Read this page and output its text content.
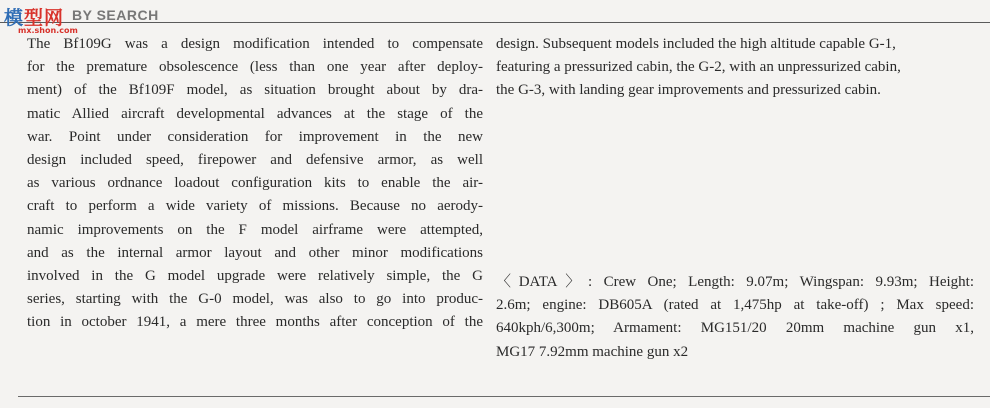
模型网 BY SEARCH
mx.shon.com
The Bf109G was a design modification intended to compensate
for the premature obsolescence (less than one year after deploy-
ment) of the Bf109F model, as situation brought about by dra-
matic Allied aircraft developmental advances at the stage of the
war. Point under consideration for improvement in the new
design included speed, firepower and defensive armor, as well
as various ordnance loadout configuration kits to enable the air-
craft to perform a wide variety of missions. Because no aerody-
namic improvements on the F model airframe were attempted,
and as the internal armor layout and other minor modifications
involved in the G model upgrade were relatively simple, the G
series, starting with the G-0 model, was also to go into produc-
tion in october 1941, a mere three months after conception of the
design. Subsequent models included the high altitude capable G-1,
featuring a pressurized cabin, the G-2, with an unpressurized cabin,
the G-3, with landing gear improvements and pressurized cabin.
〈DATA〉: Crew One; Length: 9.07m; Wingspan: 9.93m; Height:
2.6m; engine: DB605A (rated at 1,475hp at take-off) ; Max speed:
640kph/6,300m; Armament: MG151/20 20mm machine gun x1,
MG17 7.92mm machine gun x2
